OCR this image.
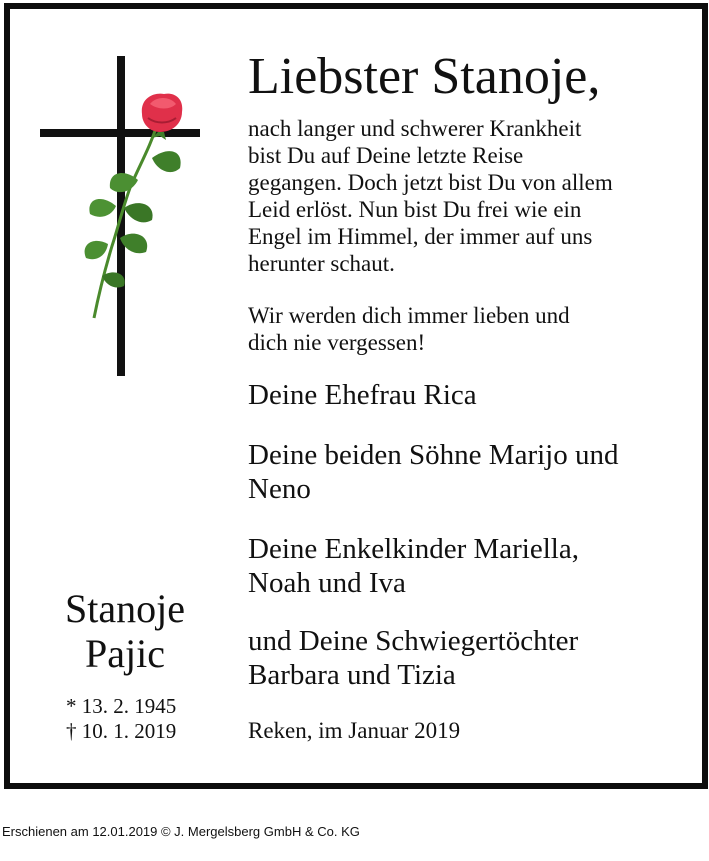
Stanoje
Pajic
* 13. 2. 1945
† 10. 1. 2019
Liebster Stanoje,

nach langer und schwerer Krankheit
bist Du auf Deine letzte Reise
gegangen. Doch jetzt bist Du von allem
Leid erlöst. Nun bist Du frei wie ein
Engel im Himmel, der immer auf uns
herunter schaut.

Wir werden dich immer lieben und
dich nie vergessen!

Deine Ehefrau Rica
Deine beiden Söhne Marijo und
Neno
Deine Enkelkinder Mariella,
Noah und Iva
und Deine Schwiegertöchter
Barbara und Tizia
Reken, im Januar 2019
Erschienen am 12.01.2019 © J. Mergelsberg GmbH & Co. KG
